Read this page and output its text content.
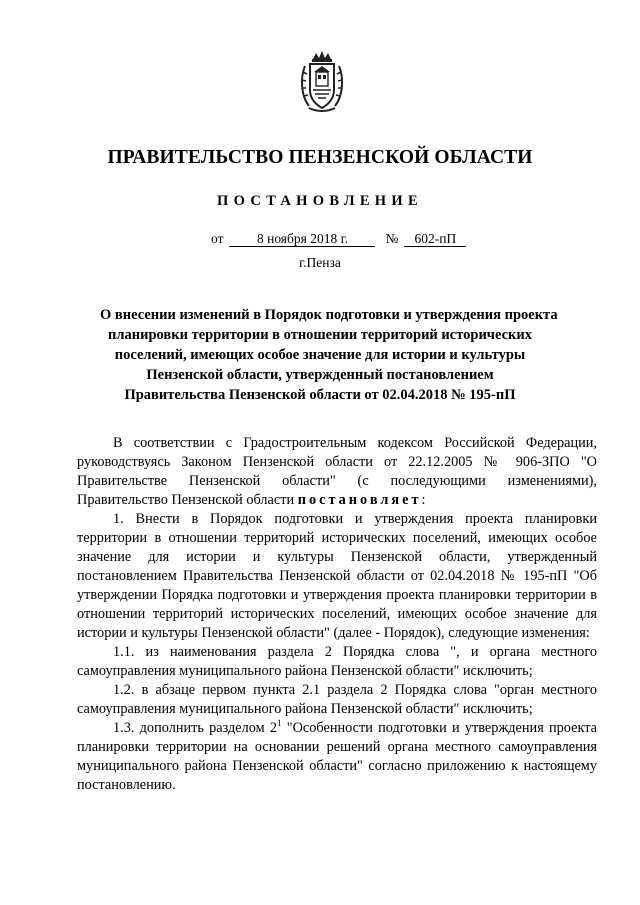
ПРАВИТЕЛЬСТВО ПЕНЗЕНСКОЙ ОБЛАСТИ
ПОСТАНОВЛЕНИЕ
от 8 ноября 2018 г.	№ 602-пП
г.Пенза
О внесении изменений в Порядок подготовки и утверждения проекта
планировки территории в отношении территорий исторических
поселений, имеющих особое значение для истории и культуры
Пензенской области, утвержденный постановлением
Правительства Пензенской области от 02.04.2018 № 195-пП

В соответствии с Градостроительным кодексом Российской Федерации, руководствуясь Законом Пензенской области от 22.12.2005 № 906-ЗПО "О Правительстве Пензенской области" (с последующими изменениями), Правительство Пензенской области постановляет:

1. Внести в Порядок подготовки и утверждения проекта планировки территории в отношении территорий исторических поселений, имеющих особое значение для истории и культуры Пензенской области, утвержденный постановлением Правительства Пензенской области от 02.04.2018 № 195-пП "Об утверждении Порядка подготовки и утверждения проекта планировки территории в отношении территорий исторических поселений, имеющих особое значение для истории и культуры Пензенской области" (далее - Порядок), следующие изменения:

1.1. из наименования раздела 2 Порядка слова ", и органа местного самоуправления муниципального района Пензенской области" исключить;

1.2. в абзаце первом пункта 2.1 раздела 2 Порядка слова "орган местного самоуправления муниципального района Пензенской области" исключить;

1.3. дополнить разделом $2^1$ "Особенности подготовки и утверждения проекта планировки территории на основании решений органа местного самоуправления муниципального района Пензенской области" согласно приложению к настоящему постановлению.
